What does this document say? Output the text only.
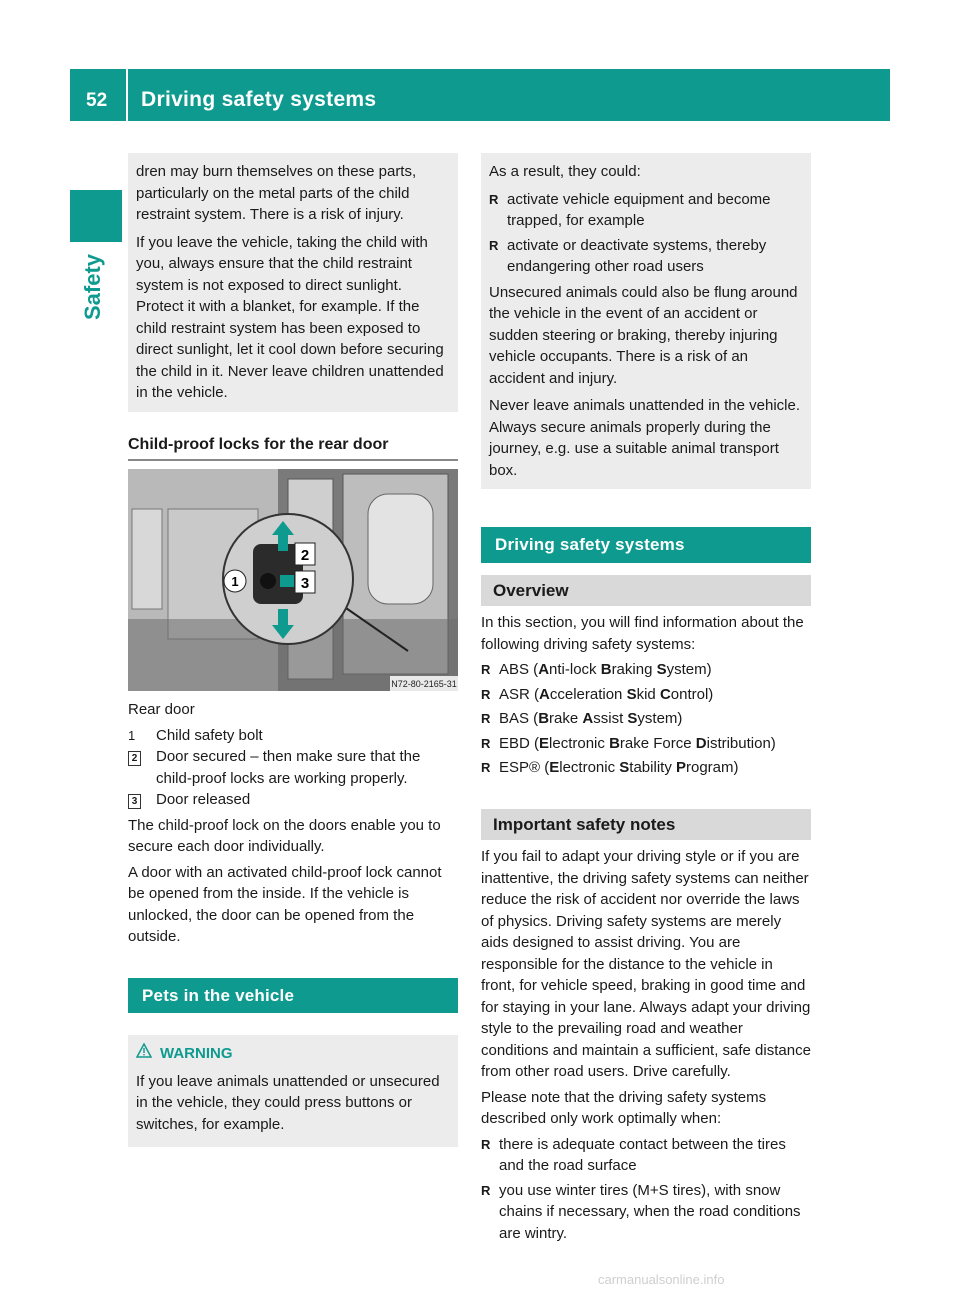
52 Driving safety systems
Safety

dren may burn themselves on these parts, particularly on the metal parts of the child restraint system. There is a risk of injury.

If you leave the vehicle, taking the child with you, always ensure that the child restraint system is not exposed to direct sunlight. Protect it with a blanket, for example. If the child restraint system has been exposed to direct sunlight, let it cool down before securing the child in it. Never leave children unattended in the vehicle.

Child-proof locks for the rear door
2
3
1
N72-80-2165-31

Rear door

1	Child safety bolt
2	Door secured – then make sure that the child-proof locks are working properly.
3	Door released

The child-proof lock on the doors enable you to secure each door individually.

A door with an activated child-proof lock cannot be opened from the inside. If the vehicle is unlocked, the door can be opened from the outside.

Pets in the vehicle
WARNING

If you leave animals unattended or unsecured in the vehicle, they could press buttons or switches, for example.

As a result, they could:

R activate vehicle equipment and become trapped, for example
R activate or deactivate systems, thereby endangering other road users

Unsecured animals could also be flung around the vehicle in the event of an accident or sudden steering or braking, thereby injuring vehicle occupants. There is a risk of an accident and injury.

Never leave animals unattended in the vehicle. Always secure animals properly during the journey, e.g. use a suitable animal transport box.

Driving safety systems
Overview

In this section, you will find information about the following driving safety systems:

R ABS (Anti-lock Braking System)
R ASR (Acceleration Skid Control)
R BAS (Brake Assist System)
R EBD (Electronic Brake Force Distribution)
R ESP® (Electronic Stability Program)
Important safety notes

If you fail to adapt your driving style or if you are inattentive, the driving safety systems can neither reduce the risk of accident nor override the laws of physics. Driving safety systems are merely aids designed to assist driving. You are responsible for the distance to the vehicle in front, for vehicle speed, braking in good time and for staying in your lane. Always adapt your driving style to the prevailing road and weather conditions and maintain a sufficient, safe distance from other road users. Drive carefully.

Please note that the driving safety systems described only work optimally when:

R there is adequate contact between the tires and the road surface
R you use winter tires (M+S tires), with snow chains if necessary, when the road conditions are wintry.
carmanualsonline.info
